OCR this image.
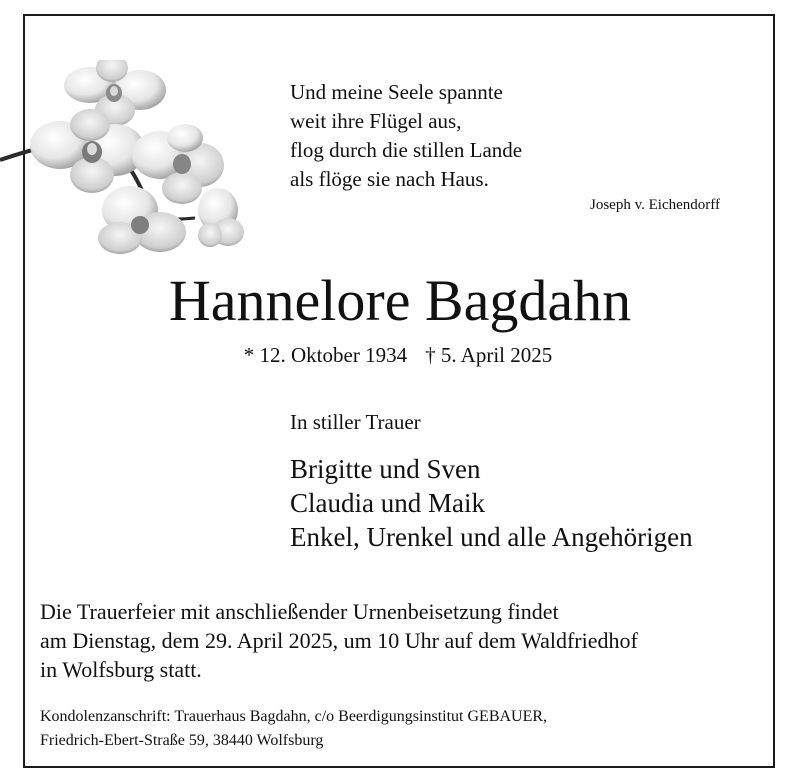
Und meine Seele spannte
weit ihre Flügel aus,
flog durch die stillen Lande
als flöge sie nach Haus.
Joseph v. Eichendorff
Hannelore Bagdahn
* 12. Oktober 1934 † 5. April 2025
In stiller Trauer
Brigitte und Sven
Claudia und Maik
Enkel, Urenkel und alle Angehörigen
Die Trauerfeier mit anschließender Urnenbeisetzung findet
am Dienstag, dem 29. April 2025, um 10 Uhr auf dem Waldfriedhof
in Wolfsburg statt.
Kondolenzanschrift: Trauerhaus Bagdahn, c/o Beerdigungsinstitut GEBAUER,
Friedrich-Ebert-Straße 59, 38440 Wolfsburg
